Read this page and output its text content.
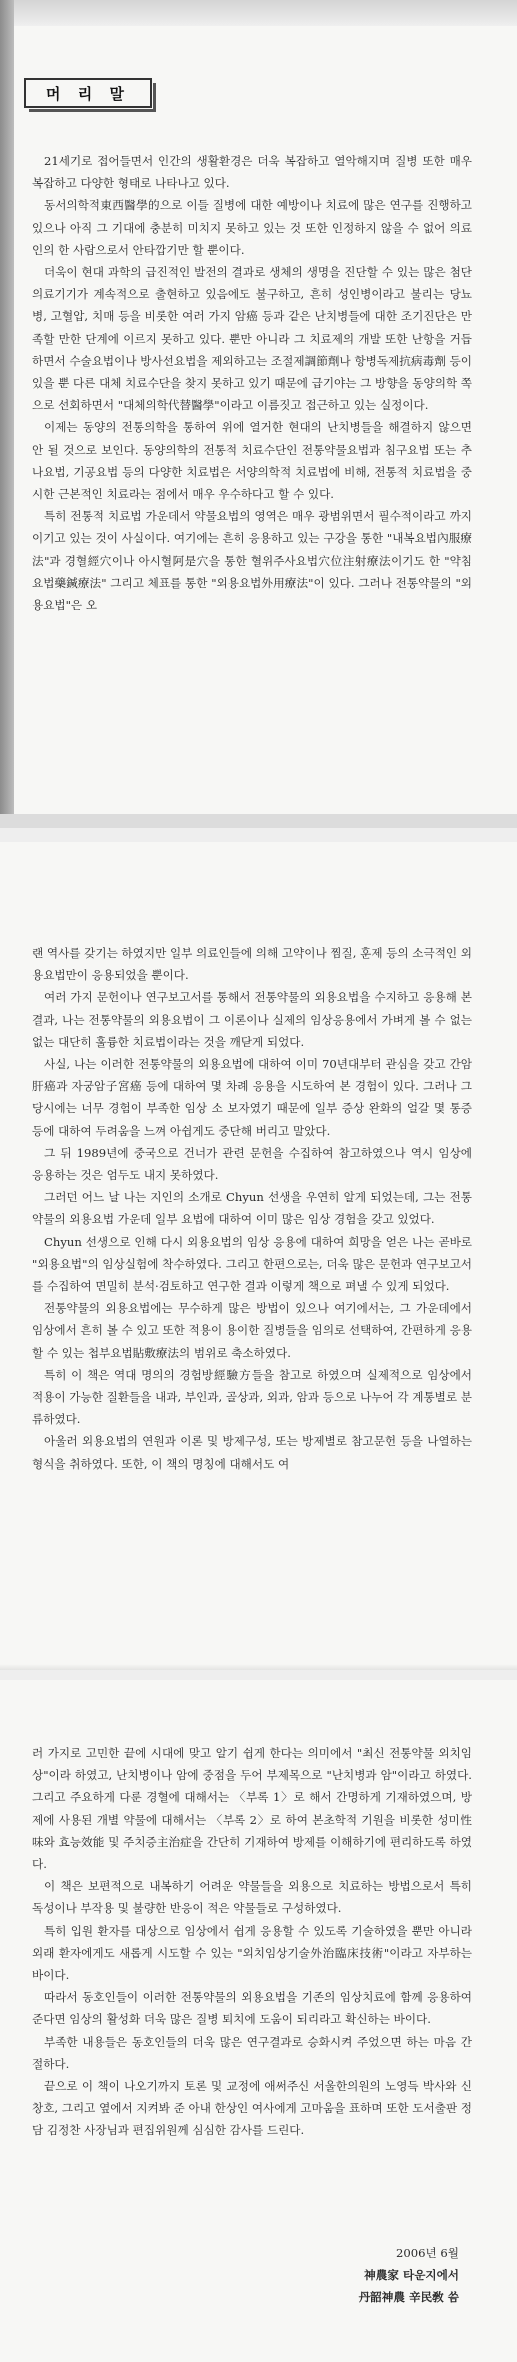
머 리 말

21세기로 접어들면서 인간의 생활환경은 더욱 복잡하고 열악해지며 질병 또한 매우 복잡하고 다양한 형태로 나타나고 있다.

동서의학적東西醫學的으로 이들 질병에 대한 예방이나 치료에 많은 연구를 진행하고 있으나 아직 그 기대에 충분히 미치지 못하고 있는 것 또한 인정하지 않을 수 없어 의료인의 한 사람으로서 안타깝기만 할 뿐이다.

더욱이 현대 과학의 급진적인 발전의 결과로 생체의 생명을 진단할 수 있는 많은 첨단 의료기기가 계속적으로 출현하고 있음에도 불구하고, 흔히 성인병이라고 불리는 당뇨병, 고혈압, 치매 등을 비롯한 여러 가지 암癌 등과 같은 난치병들에 대한 조기진단은 만족할 만한 단계에 이르지 못하고 있다. 뿐만 아니라 그 치료제의 개발 또한 난항을 거듭하면서 수술요법이나 방사선요법을 제외하고는 조절제調節劑나 항병독제抗病毒劑 등이 있을 뿐 다른 대체 치료수단을 찾지 못하고 있기 때문에 급기야는 그 방향을 동양의학 쪽으로 선회하면서 "대체의학代替醫學"이라고 이름짓고 접근하고 있는 실정이다.

이제는 동양의 전통의학을 통하여 위에 열거한 현대의 난치병들을 해결하지 않으면 안 될 것으로 보인다. 동양의학의 전통적 치료수단인 전통약물요법과 침구요법 또는 추나요법, 기공요법 등의 다양한 치료법은 서양의학적 치료법에 비해, 전통적 치료법을 중시한 근본적인 치료라는 점에서 매우 우수하다고 할 수 있다.

특히 전통적 치료법 가운데서 약물요법의 영역은 매우 광범위면서 필수적이라고 까지 이기고 있는 것이 사실이다. 여기에는 흔히 응용하고 있는 구강을 통한 "내복요법內服療法"과 경혈經穴이나 아시혈阿是穴을 통한 혈위주사요법穴位注射療法이기도 한 "약침요법藥鍼療法" 그리고 체표를 통한 "외용요법外用療法"이 있다. 그러나 전통약물의 "외용요법"은 오

랜 역사를 갖기는 하였지만 일부 의료인들에 의해 고약이나 찜질, 훈제 등의 소극적인 외용요법만이 응용되었을 뿐이다.

여러 가지 문헌이나 연구보고서를 통해서 전통약물의 외용요법을 수지하고 응용해 본 결과, 나는 전통약물의 외용요법이 그 이론이나 실제의 임상응용에서 가벼게 볼 수 없는 없는 대단히 훌륭한 치료법이라는 것을 깨닫게 되었다.

사실, 나는 이러한 전통약물의 외용요법에 대하여 이미 70년대부터 관심을 갖고 간암肝癌과 자궁암子宮癌 등에 대하여 몇 차례 응용을 시도하여 본 경험이 있다. 그러나 그 당시에는 너무 경험이 부족한 임상 소 보자였기 때문에 일부 증상 완화의 얼갈 몇 통증 등에 대하여 두려움을 느껴 아쉽게도 중단해 버리고 말았다.

그 뒤 1989년에 중국으로 건너가 관련 문헌을 수집하여 참고하였으나 역시 임상에 응용하는 것은 엄두도 내지 못하였다.

그러던 어느 날 나는 지인의 소개로 Chyun 선생을 우연히 알게 되었는데, 그는 전통약물의 외용요법 가운데 일부 요법에 대하여 이미 많은 임상 경험을 갖고 있었다.

Chyun 선생으로 인해 다시 외용요법의 임상 응용에 대하여 희망을 얻은 나는 곧바로 "외용요법"의 임상실험에 착수하였다. 그리고 한편으로는, 더욱 많은 문헌과 연구보고서를 수집하여 면밀히 분석·검토하고 연구한 결과 이렇게 책으로 펴낼 수 있게 되었다.

전통약물의 외용요법에는 무수하게 많은 방법이 있으나 여기에서는, 그 가운데에서 임상에서 흔히 볼 수 있고 또한 적용이 용이한 질병들을 임의로 선택하여, 간편하게 응용할 수 있는 첩부요법貼敷療法의 범위로 축소하였다.

특히 이 책은 역대 명의의 경험방經驗方들을 참고로 하였으며 실제적으로 임상에서 적용이 가능한 질환들을 내과, 부인과, 골상과, 외과, 암과 등으로 나누어 각 계통별로 분류하였다.

아울러 외용요법의 연원과 이론 및 방제구성, 또는 방제별로 참고문헌 등을 나열하는 형식을 취하였다. 또한, 이 책의 명칭에 대해서도 여

러 가지로 고민한 끝에 시대에 맞고 알기 쉽게 한다는 의미에서 "최신 전통약물 외치임상"이라 하였고, 난치병이나 암에 중점을 두어 부제목으로 "난치병과 암"이라고 하였다. 그리고 주요하게 다룬 경혈에 대해서는 〈부록 1〉로 해서 간명하게 기재하였으며, 방제에 사용된 개별 약물에 대해서는 〈부록 2〉로 하여 본초학적 기원을 비롯한 성미性味와 효능效能 및 주치증主治症을 간단히 기재하여 방제를 이해하기에 편리하도록 하였다.

이 책은 보편적으로 내복하기 어려운 약물들을 외용으로 치료하는 방법으로서 특히 독성이나 부작용 및 불량한 반응이 적은 약물들로 구성하였다.

특히 입원 환자를 대상으로 임상에서 쉽게 응용할 수 있도록 기술하였을 뿐만 아니라 외래 환자에게도 새롭게 시도할 수 있는 "외치임상기술外治臨床技術"이라고 자부하는 바이다.

따라서 동호인들이 이러한 전통약물의 외용요법을 기존의 임상치료에 함께 응용하여 준다면 임상의 활성화 더욱 많은 질병 퇴치에 도움이 되리라고 확신하는 바이다.

부족한 내용들은 동호인들의 더욱 많은 연구결과로 승화시켜 주었으면 하는 마음 간절하다.

끝으로 이 책이 나오기까지 토론 및 교정에 애써주신 서울한의원의 노영득 박사와 신창호, 그리고 옆에서 지켜봐 준 아내 한상인 여사에게 고마움을 표하며 또한 도서출판 정담 김정찬 사장님과 편집위원께 심심한 감사를 드린다.

2006년 6월
神農家 타운지에서
丹韶神農 辛民敎 씀
